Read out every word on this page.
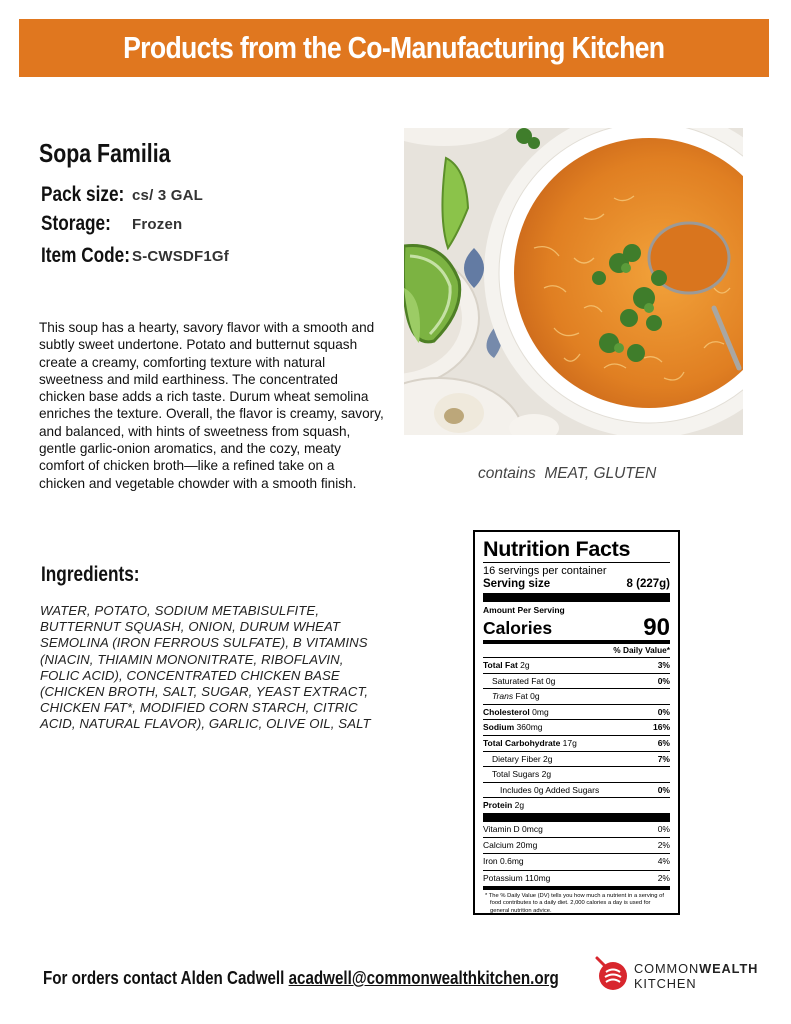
Products from the Co-Manufacturing Kitchen
Sopa Familia
Pack size: cs/ 3 GAL
Storage: Frozen
Item Code: S-CWSDF1Gf

This soup has a hearty, savory flavor with a smooth and subtly sweet undertone. Potato and butternut squash create a creamy, comforting texture with natural sweetness and mild earthiness. The concentrated chicken base adds a rich taste. Durum wheat semolina enriches the texture. Overall, the flavor is creamy, savory, and balanced, with hints of sweetness from squash, gentle garlic-onion aromatics, and the cozy, meaty comfort of chicken broth—like a refined take on a chicken and vegetable chowder with a smooth finish.

Ingredients:

WATER, POTATO, SODIUM METABISULFITE, BUTTERNUT SQUASH, ONION, DURUM WHEAT SEMOLINA (IRON FERROUS SULFATE), B VITAMINS (NIACIN, THIAMIN MONONITRATE, RIBOFLAVIN, FOLIC ACID), CONCENTRATED CHICKEN BASE (CHICKEN BROTH, SALT, SUGAR, YEAST EXTRACT, CHICKEN FAT*, MODIFIED CORN STARCH, CITRIC ACID, NATURAL FLAVOR), GARLIC, OLIVE OIL, SALT

contains  MEAT, GLUTEN
Nutrition Facts
16 servings per container
Serving size	8 (227g)
Amount Per Serving
Calories	90
% Daily Value*
Total Fat 2g	3%
Saturated Fat 0g	0%
Trans Fat 0g
Cholesterol 0mg	0%
Sodium 360mg	16%
Total Carbohydrate 17g	6%
Dietary Fiber 2g	7%
Total Sugars 2g
Includes 0g Added Sugars	0%
Protein 2g
Vitamin D 0mcg	0%
Calcium 20mg	2%
Iron 0.6mg	4%
Potassium 110mg	2%
* The % Daily Value (DV) tells you how much a nutrient in a serving of food contributes to a daily diet. 2,000 calories a day is used for general nutrition advice.
For orders contact Alden Cadwell acadwell@commonwealthkitchen.org	COMMONWEALTH
KITCHEN
